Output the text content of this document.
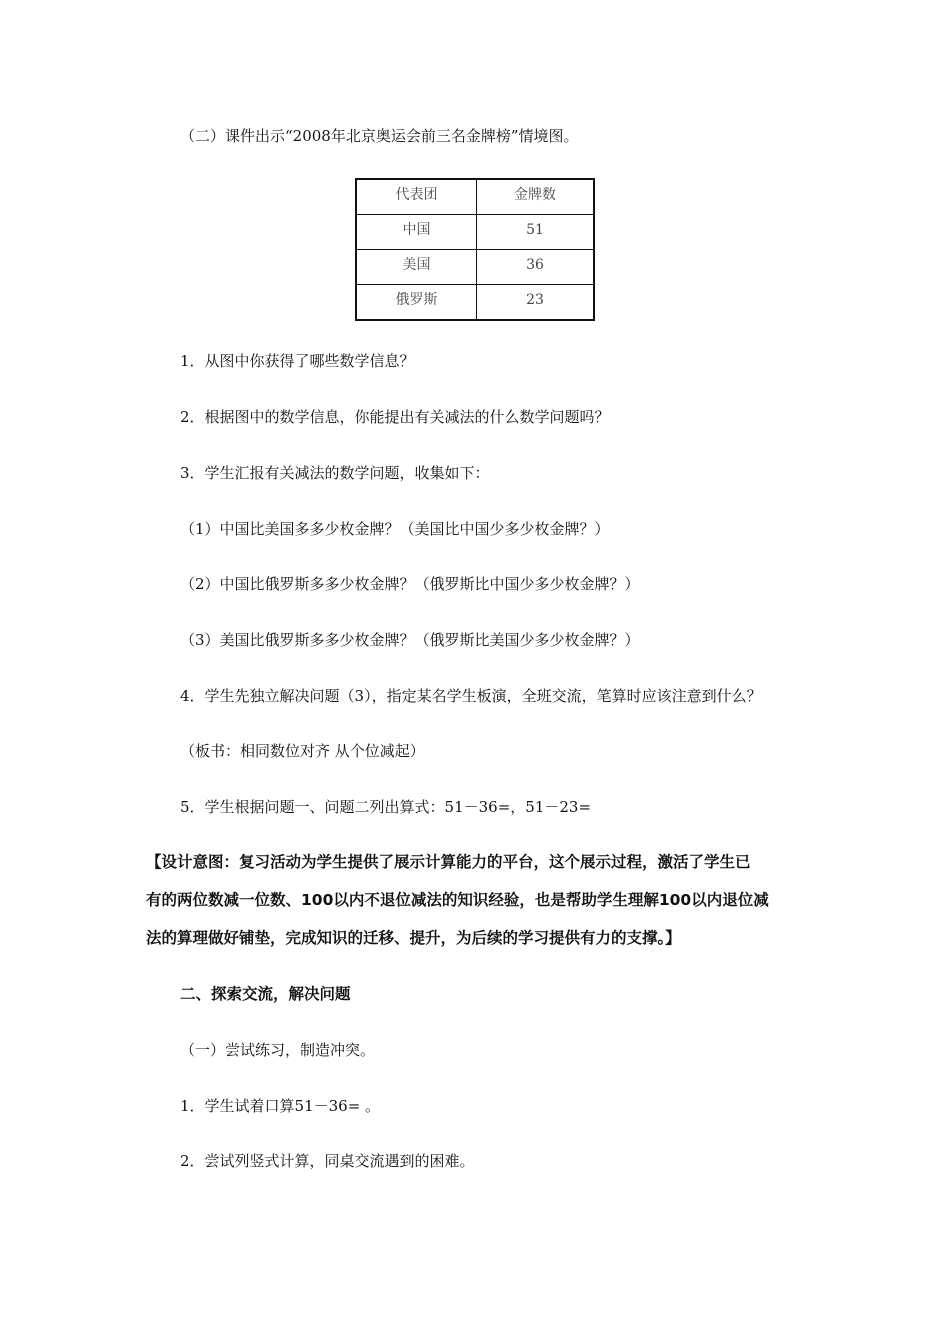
（二）课件出示“2008年北京奥运会前三名金牌榜”情境图。
代表团	金牌数
中国	51
美国	36
俄罗斯	23
1．从图中你获得了哪些数学信息？
2．根据图中的数学信息，你能提出有关减法的什么数学问题吗？
3．学生汇报有关减法的数学问题，收集如下：
（1）中国比美国多多少枚金牌？（美国比中国少多少枚金牌？）
（2）中国比俄罗斯多多少枚金牌？（俄罗斯比中国少多少枚金牌？）
（3）美国比俄罗斯多多少枚金牌？（俄罗斯比美国少多少枚金牌？）
4．学生先独立解决问题（3），指定某名学生板演，全班交流，笔算时应该注意到什么？
（板书：相同数位对齐 从个位减起）
5．学生根据问题一、问题二列出算式：51－36=，51－23=
【设计意图：复习活动为学生提供了展示计算能力的平台，这个展示过程，激活了学生已
有的两位数减一位数、100以内不退位减法的知识经验，也是帮助学生理解100以内退位减
法的算理做好铺垫，完成知识的迁移、提升，为后续的学习提供有力的支撑。】
二、探索交流，解决问题
（一）尝试练习，制造冲突。
1．学生试着口算51－36= 。
2．尝试列竖式计算，同桌交流遇到的困难。
